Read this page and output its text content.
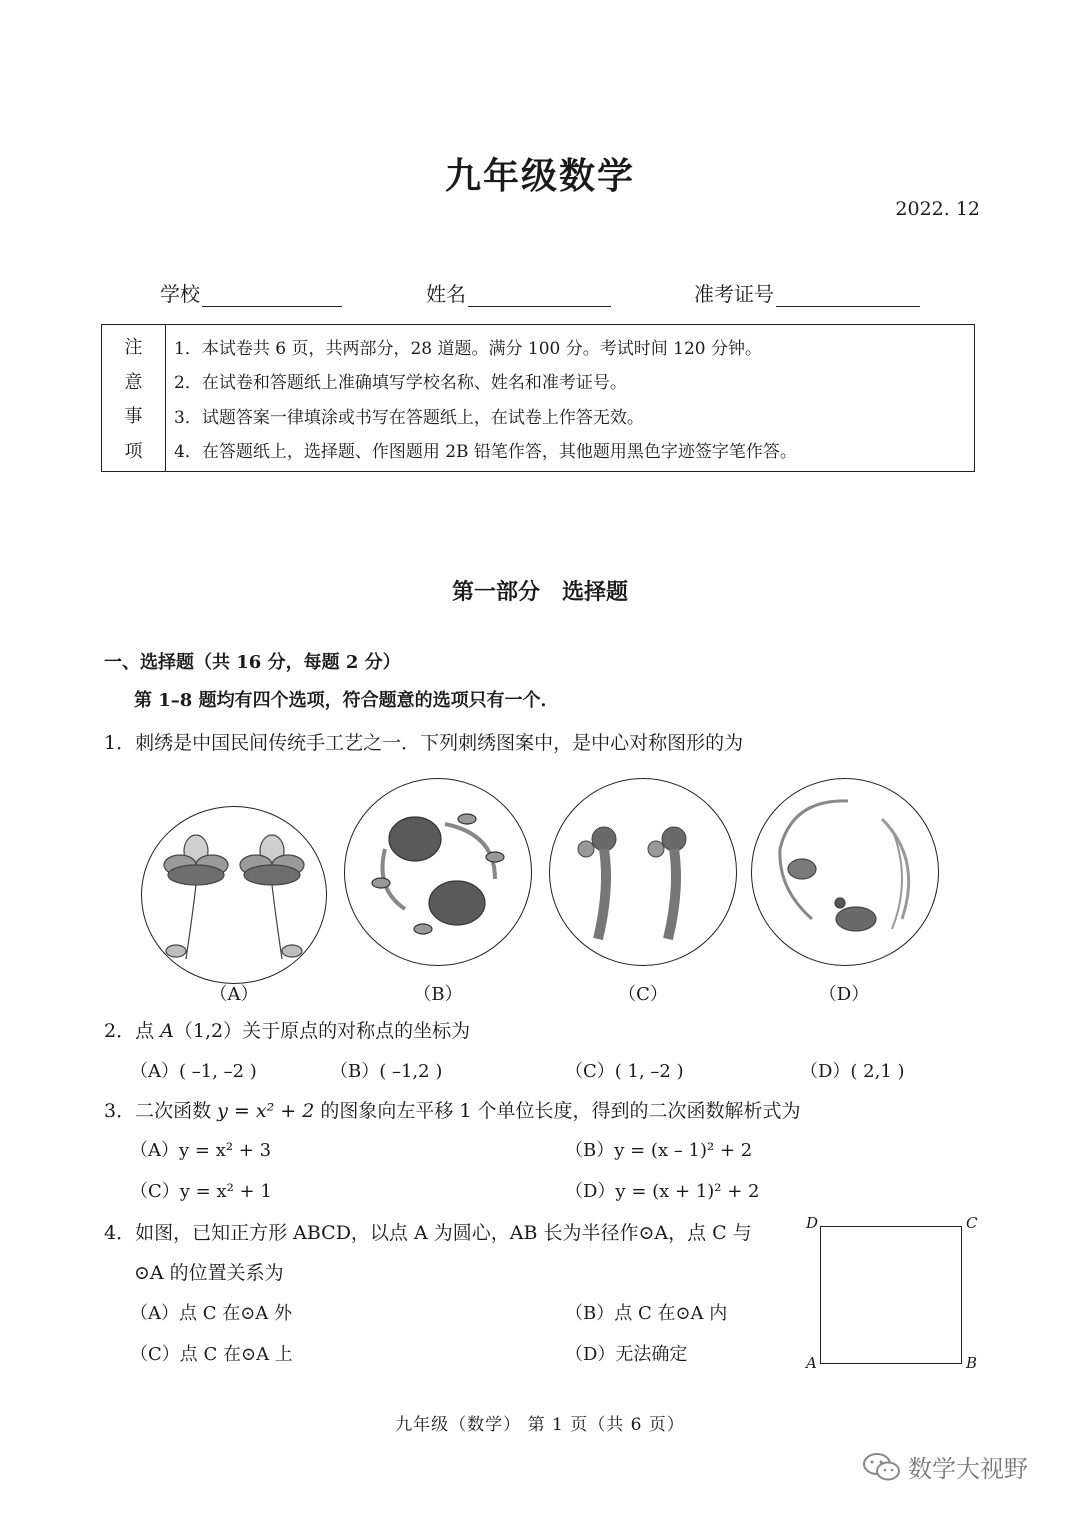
九年级数学
2022. 12
学校	姓名	准考证号
注
意
事
项
1．本试卷共 6 页，共两部分，28 道题。满分 100 分。考试时间 120 分钟。
2．在试卷和答题纸上准确填写学校名称、姓名和准考证号。
3．试题答案一律填涂或书写在答题纸上，在试卷上作答无效。
4．在答题纸上，选择题、作图题用 2B 铅笔作答，其他题用黑色字迹签字笔作答。
第一部分　选择题
一、选择题（共 16 分，每题 2 分）
第 1–8 题均有四个选项，符合题意的选项只有一个．
1．刺绣是中国民间传统手工艺之一．下列刺绣图案中，是中心对称图形的为
（A）	（B）	（C）	（D）
2．点 A（1,2）关于原点的对称点的坐标为
（A）( –1, –2 )	（B）( –1,2 )	（C）( 1, –2 )	（D）( 2,1 )
3．二次函数 y = x² + 2 的图象向左平移 1 个单位长度，得到的二次函数解析式为
（A）y = x² + 3	（B）y = (x – 1)² + 2
（C）y = x² + 1	（D）y = (x + 1)² + 2
4．如图，已知正方形 ABCD，以点 A 为圆心，AB 长为半径作⊙A，点 C 与
⊙A 的位置关系为
（A）点 C 在⊙A 外	（B）点 C 在⊙A 内
（C）点 C 在⊙A 上	（D）无法确定
D	C
A	B
九年级（数学） 第 1 页（共 6 页）
数学大视野
